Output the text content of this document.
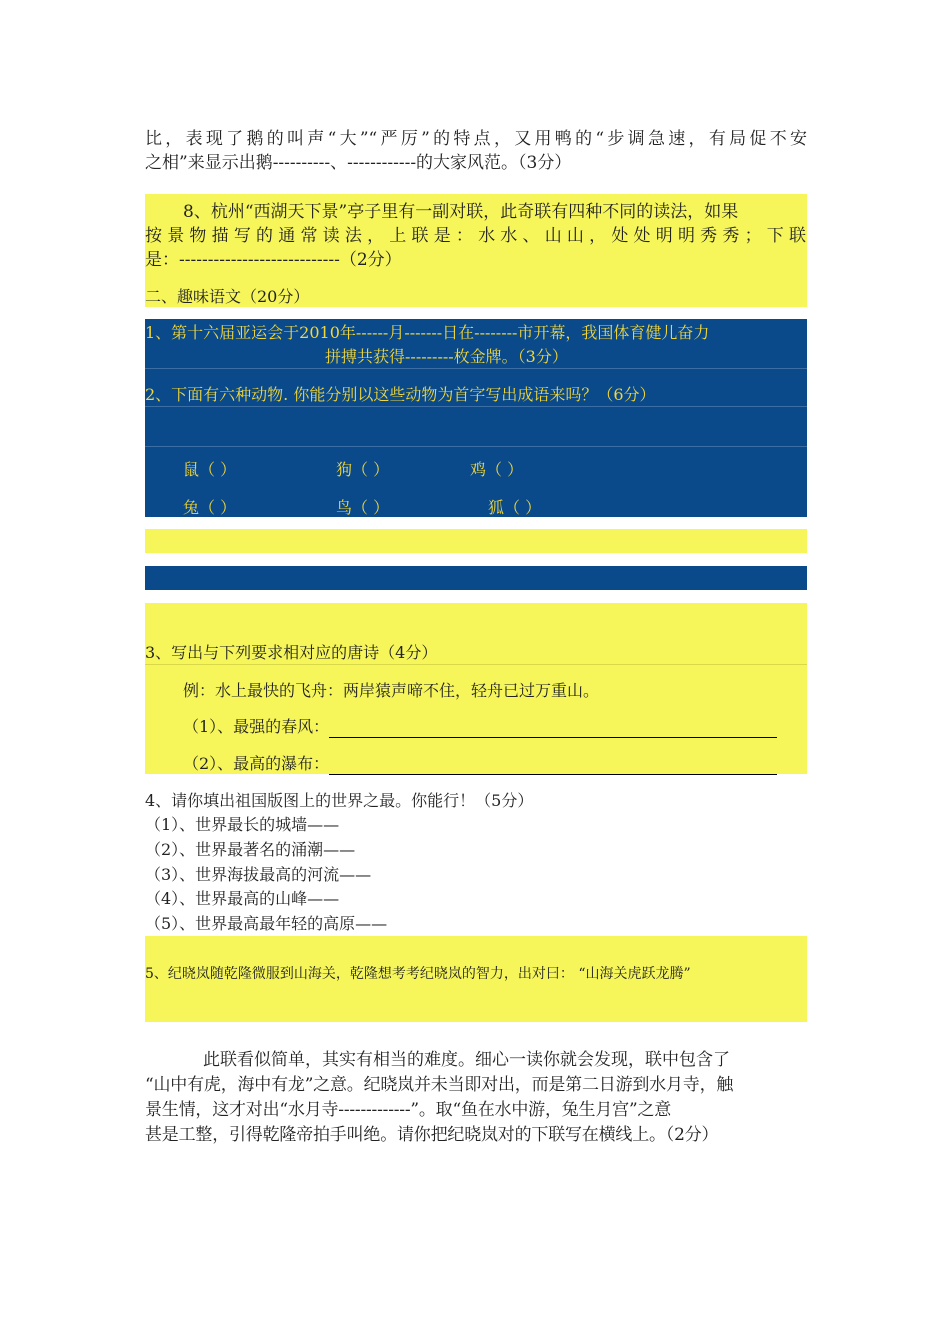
比，表现了鹅的叫声“大”“严厉”的特点，又用鸭的“步调急速，有局促不安
之相”来显示出鹅----------、------------的大家风范。（3分）
8、杭州“西湖天下景”亭子里有一副对联，此奇联有四种不同的读法，如果
按景物描写的通常读法，上联是：水水、山山，处处明明秀秀；下联
是：----------------------------（2分）
二、趣味语文（20分）
1、第十六届亚运会于2010年------月-------日在--------市开幕，我国体育健儿奋力
拼搏共获得---------枚金牌。（3分）
2、下面有六种动物. 你能分别以这些动物为首字写出成语来吗？（6分）
鼠（ ）	狗（ ）	鸡（ ）
兔（ ）	鸟（ ）	狐（ ）
3、写出与下列要求相对应的唐诗（4分）
例：水上最快的飞舟：两岸猿声啼不住，轻舟已过万重山。
（1）、最强的春风：
（2）、最高的瀑布：
4、请你填出祖国版图上的世界之最。你能行！（5分）
（1）、世界最长的城墙——
（2）、世界最著名的涌潮——
（3）、世界海拔最高的河流——
（4）、世界最高的山峰——
（5）、世界最高最年轻的高原——
5、纪晓岚随乾隆微服到山海关，乾隆想考考纪晓岚的智力，出对曰： “山海关虎跃龙腾”
此联看似简单，其实有相当的难度。细心一读你就会发现，联中包含了
“山中有虎，海中有龙”之意。纪晓岚并未当即对出，而是第二日游到水月寺，触
景生情，这才对出“水月寺-------------”。取“鱼在水中游，兔生月宫”之意
甚是工整，引得乾隆帝拍手叫绝。请你把纪晓岚对的下联写在横线上。（2分）
